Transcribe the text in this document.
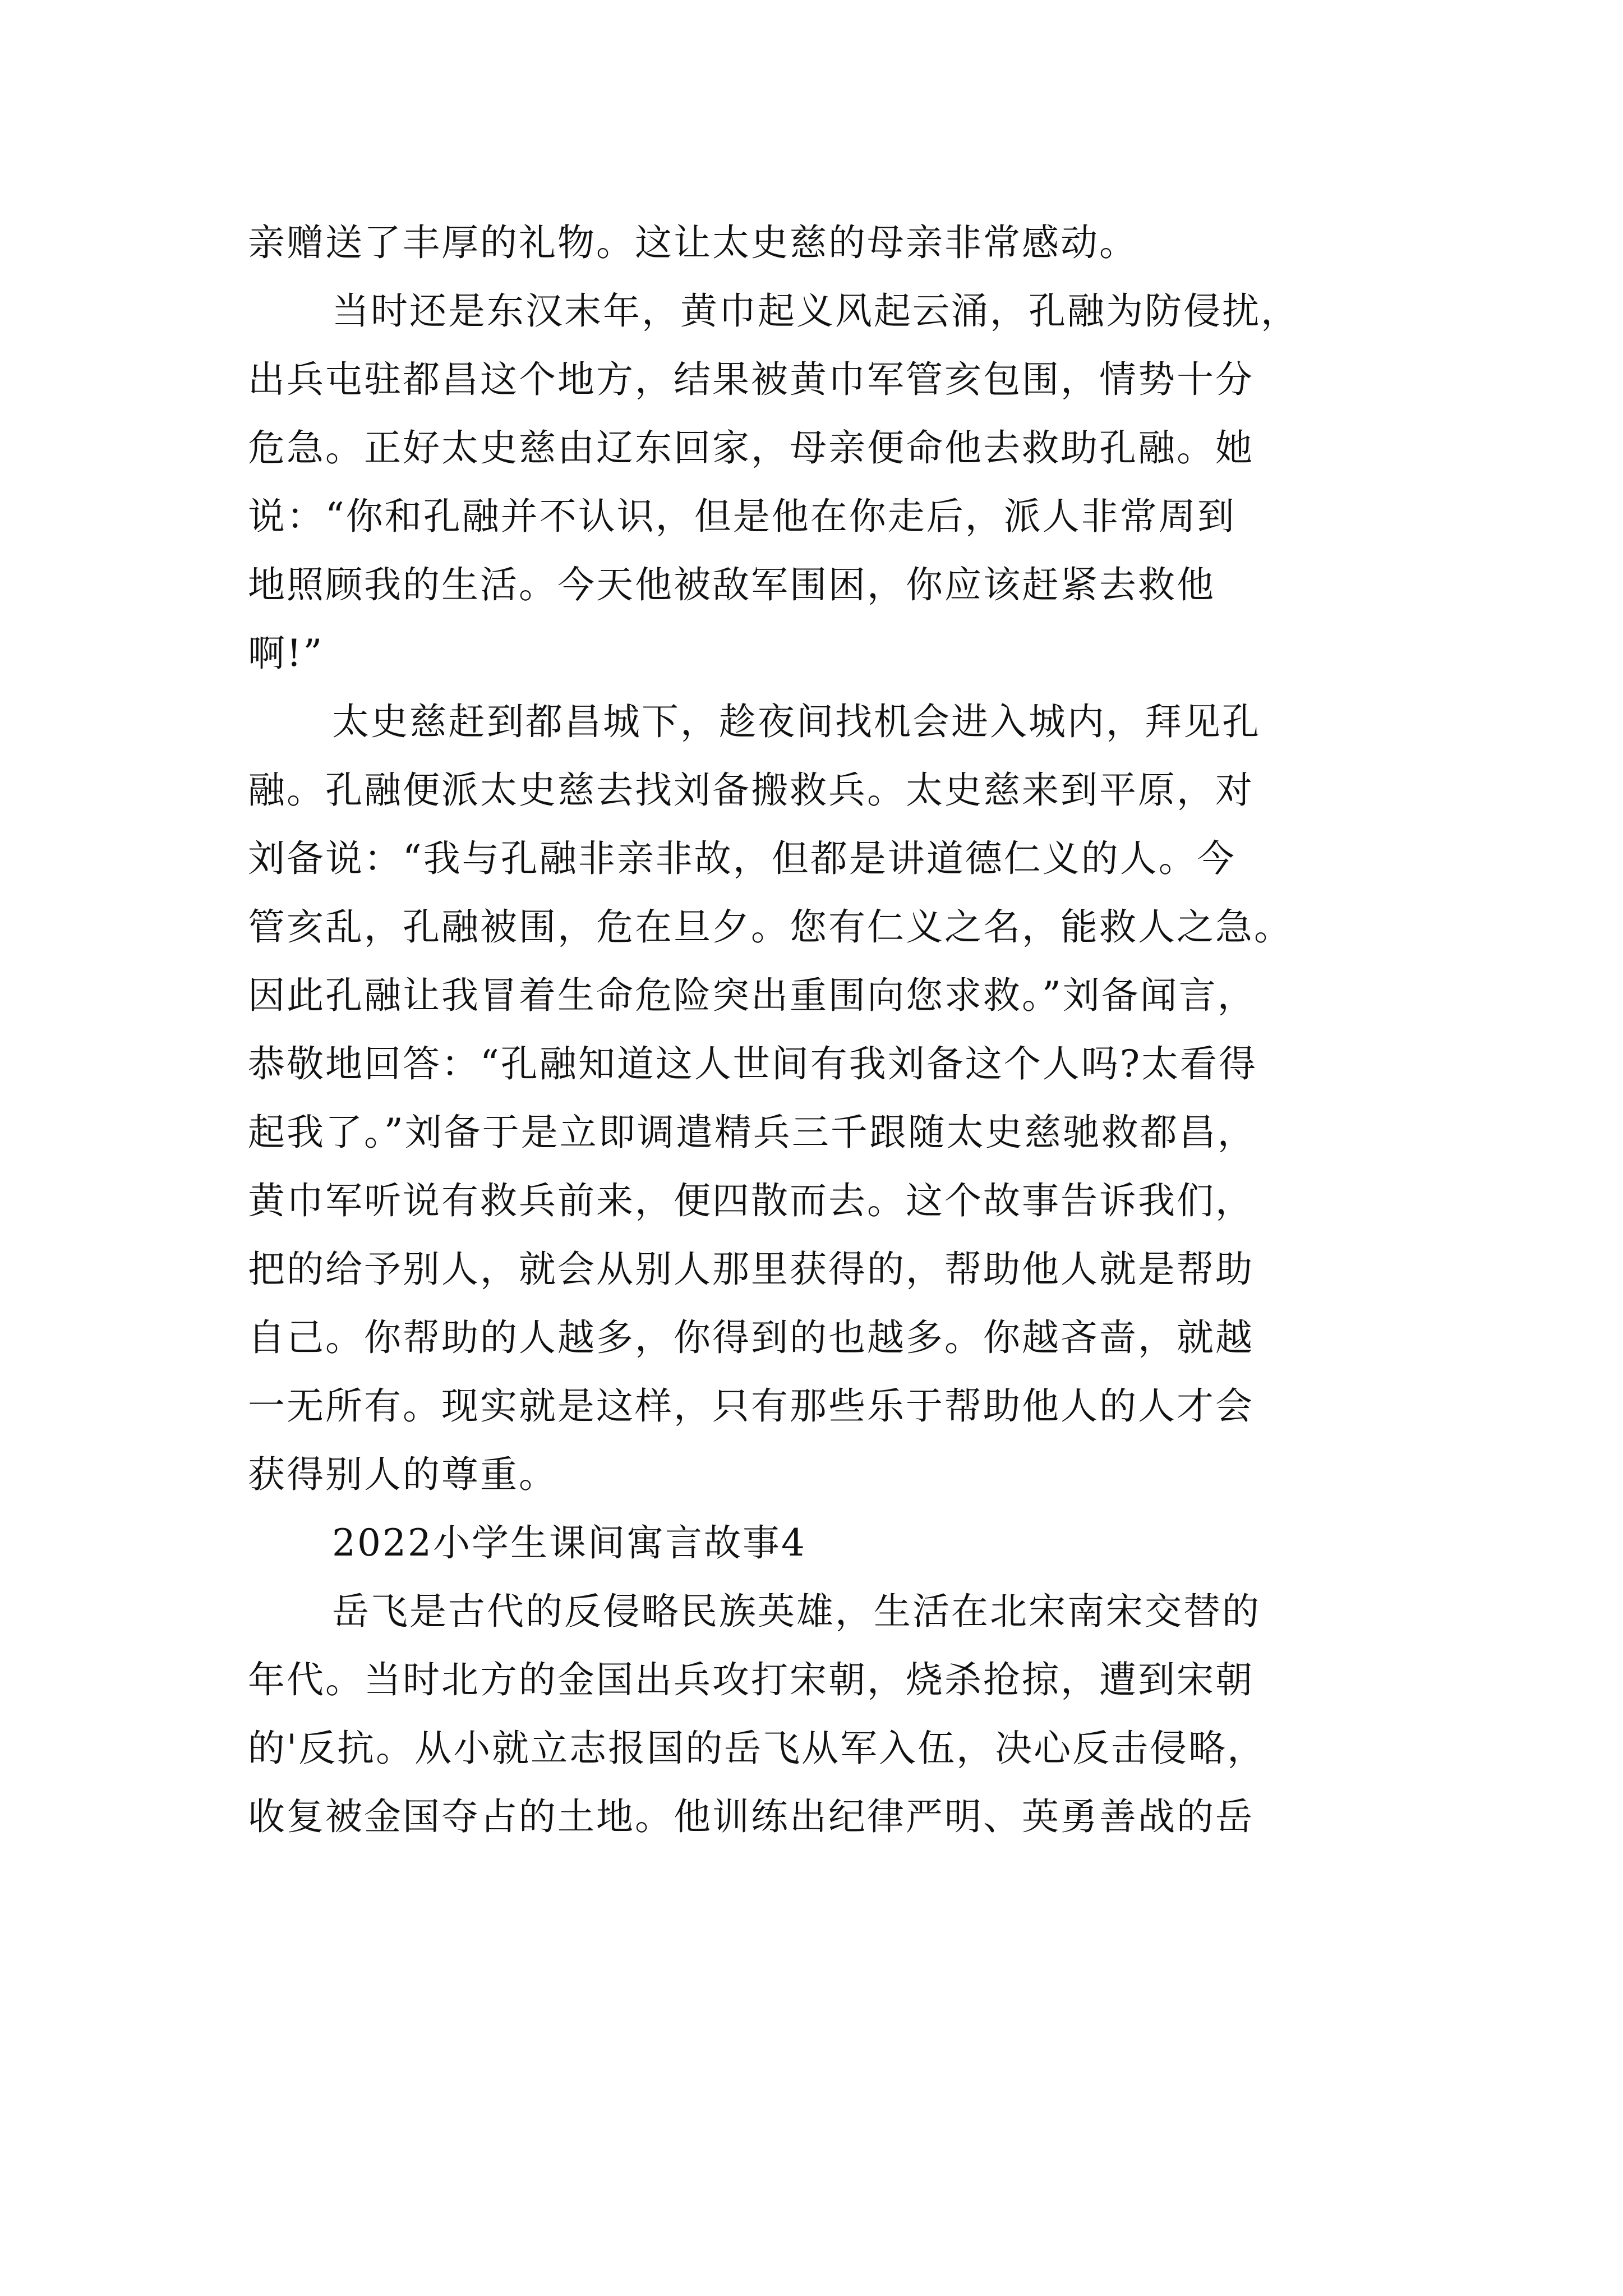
亲赠送了丰厚的礼物。这让太史慈的母亲非常感动。
当时还是东汉末年，黄巾起义风起云涌，孔融为防侵扰，
出兵屯驻都昌这个地方，结果被黄巾军管亥包围，情势十分
危急。正好太史慈由辽东回家，母亲便命他去救助孔融。她
说：“你和孔融并不认识，但是他在你走后，派人非常周到
地照顾我的生活。今天他被敌军围困，你应该赶紧去救他
啊!”
太史慈赶到都昌城下，趁夜间找机会进入城内，拜见孔
融。孔融便派太史慈去找刘备搬救兵。太史慈来到平原，对
刘备说：“我与孔融非亲非故，但都是讲道德仁义的人。今
管亥乱，孔融被围，危在旦夕。您有仁义之名，能救人之急。
因此孔融让我冒着生命危险突出重围向您求救。”刘备闻言，
恭敬地回答：“孔融知道这人世间有我刘备这个人吗?太看得
起我了。”刘备于是立即调遣精兵三千跟随太史慈驰救都昌，
黄巾军听说有救兵前来，便四散而去。这个故事告诉我们，
把的给予别人，就会从别人那里获得的，帮助他人就是帮助
自己。你帮助的人越多，你得到的也越多。你越吝啬，就越
一无所有。现实就是这样，只有那些乐于帮助他人的人才会
获得别人的尊重。
2022小学生课间寓言故事4
岳飞是古代的反侵略民族英雄，生活在北宋南宋交替的
年代。当时北方的金国出兵攻打宋朝，烧杀抢掠，遭到宋朝
的'反抗。从小就立志报国的岳飞从军入伍，决心反击侵略，
收复被金国夺占的土地。他训练出纪律严明、英勇善战的岳
